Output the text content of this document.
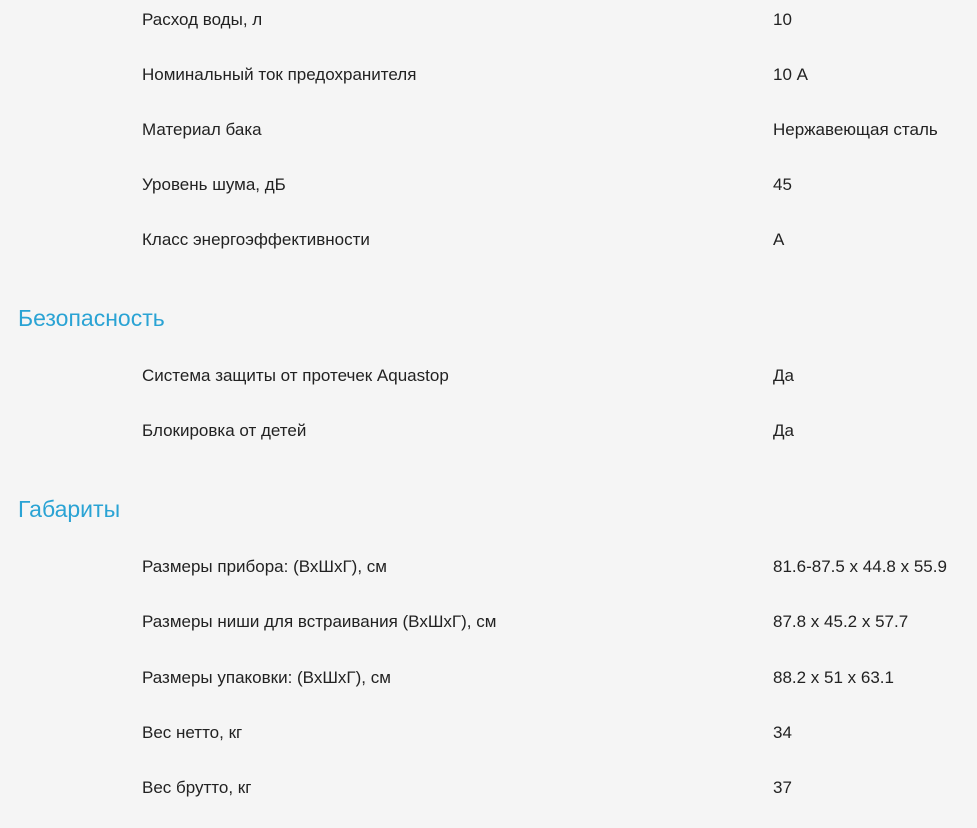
Расход воды, л	10
Номинальный ток предохранителя	10 А
Материал бака	Нержавеющая сталь
Уровень шума, дБ	45
Класс энергоэффективности	А
Безопасность
Система защиты от протечек Aquastop	Да
Блокировка от детей	Да
Габариты
Размеры прибора: (ВхШхГ), см	81.6-87.5 x 44.8 x 55.9
Размеры ниши для встраивания (ВхШхГ), см	87.8 x 45.2 x 57.7
Размеры упаковки: (ВхШхГ), см	88.2 x 51 x 63.1
Вес нетто, кг	34
Вес брутто, кг	37
